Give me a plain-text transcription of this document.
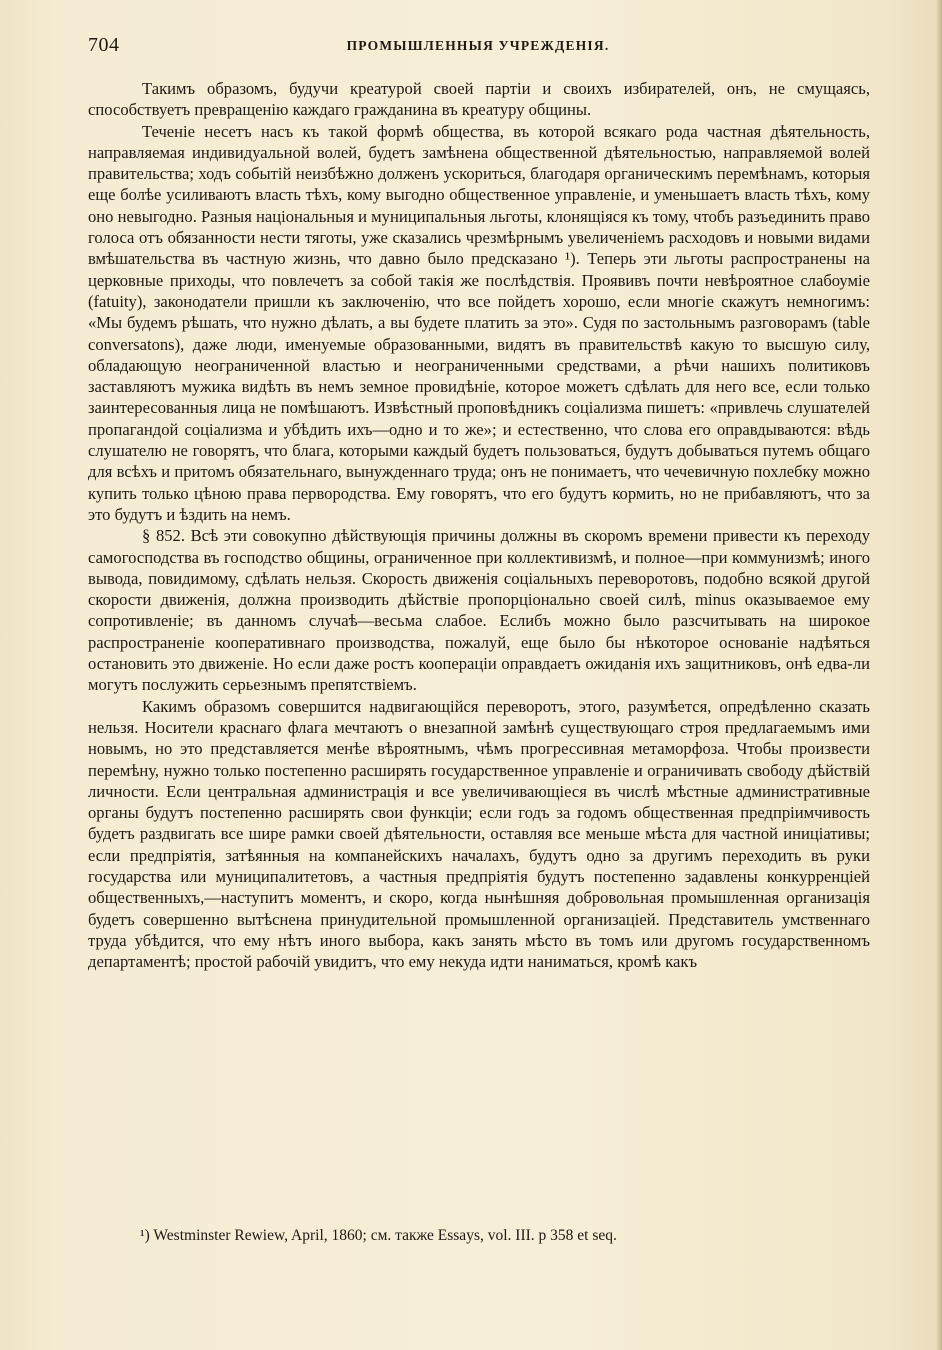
704	ПРОМЫШЛЕННЫЯ УЧРЕЖДЕНІЯ.

Такимъ образомъ, будучи креатурой своей партіи и своихъ избирателей, онъ, не смущаясь, способствуетъ превращенію каждаго гражданина въ креатуру общины.

Теченіе несетъ насъ къ такой формѣ общества, въ которой всякаго рода частная дѣятельность, направляемая индивидуальной волей, будетъ замѣнена общественной дѣятельностью, направляемой волей правительства; ходъ событій неизбѣжно долженъ ускориться, благодаря органическимъ перемѣнамъ, которыя еще болѣе усиливаютъ власть тѣхъ, кому выгодно общественное управленіе, и уменьшаетъ власть тѣхъ, кому оно невыгодно. Разныя національныя и муниципальныя льготы, клонящіяся къ тому, чтобъ разъединить право голоса отъ обязанности нести тяготы, уже сказались чрезмѣрнымъ увеличеніемъ расходовъ и новыми видами вмѣшательства въ частную жизнь, что давно было предсказано ¹). Теперь эти льготы распространены на церковные приходы, что повлечетъ за собой такія же послѣдствія. Проявивъ почти невѣроятное слабоуміе (fatuity), законодатели пришли къ заключенію, что все пойдетъ хорошо, если многіе скажутъ немногимъ: «Мы будемъ рѣшать, что нужно дѣлать, а вы будете платить за это». Судя по застольнымъ разговорамъ (table conversatons), даже люди, именуемые образованными, видятъ въ правительствѣ какую то высшую силу, обладающую неограниченной властью и неограниченными средствами, а рѣчи нашихъ политиковъ заставляютъ мужика видѣть въ немъ земное провидѣніе, которое можетъ сдѣлать для него все, если только заинтересованныя лица не помѣшаютъ. Извѣстный проповѣдникъ соціализма пишетъ: «привлечь слушателей пропагандой соціализма и убѣдить ихъ—одно и то же»; и естественно, что слова его оправдываются: вѣдь слушателю не говорятъ, что блага, которыми каждый будетъ пользоваться, будутъ добываться путемъ общаго для всѣхъ и притомъ обязательнаго, вынужденнаго труда; онъ не понимаетъ, что чечевичную похлебку можно купить только цѣною права первородства. Ему говорятъ, что его будутъ кормить, но не прибавляютъ, что за это будутъ и ѣздить на немъ.

§ 852. Всѣ эти совокупно дѣйствующія причины должны въ скоромъ времени привести къ переходу самогосподства въ господство общины, ограниченное при коллективизмѣ, и полное—при коммунизмѣ; иного вывода, повидимому, сдѣлать нельзя. Скорость движенія соціальныхъ переворотовъ, подобно всякой другой скорости движенія, должна производить дѣйствіе пропорціонально своей силѣ, minus оказываемое ему сопротивленіе; въ данномъ случаѣ—весьма слабое. Еслибъ можно было разсчитывать на широкое распространеніе кооперативнаго производства, пожалуй, еще было бы нѣкоторое основаніе надѣяться остановить это движеніе. Но если даже ростъ коопераціи оправдаетъ ожиданія ихъ защитниковъ, онѣ едва-ли могутъ послужить серьезнымъ препятствіемъ.

Какимъ образомъ совершится надвигающійся переворотъ, этого, разумѣется, опредѣленно сказать нельзя. Носители краснаго флага мечтаютъ о внезапной замѣнѣ существующаго строя предлагаемымъ ими новымъ, но это представляется менѣе вѣроятнымъ, чѣмъ прогрессивная метаморфоза. Чтобы произвести перемѣну, нужно только постепенно расширять государственное управленіе и ограничивать свободу дѣйствій личности. Если центральная администрація и все увеличивающіеся въ числѣ мѣстные административные органы будутъ постепенно расширять свои функціи; если годъ за годомъ общественная предпріимчивость будетъ раздвигать все шире рамки своей дѣятельности, оставляя все меньше мѣста для частной иниціативы; если предпріятія, затѣянныя на компанейскихъ началахъ, будутъ одно за другимъ переходить въ руки государства или муниципалитетовъ, а частныя предпріятія будутъ постепенно задавлены конкурренціей общественныхъ,—наступитъ моментъ, и скоро, когда нынѣшняя добровольная промышленная организація будетъ совершенно вытѣснена принудительной промышленной организаціей. Представитель умственнаго труда убѣдится, что ему нѣтъ иного выбора, какъ занять мѣсто въ томъ или другомъ государственномъ департаментѣ; простой рабочій увидитъ, что ему некуда идти наниматься, кромѣ какъ

¹) Westminster Rewiew, April, 1860; см. также Essays, vol. III. p 358 et seq.
